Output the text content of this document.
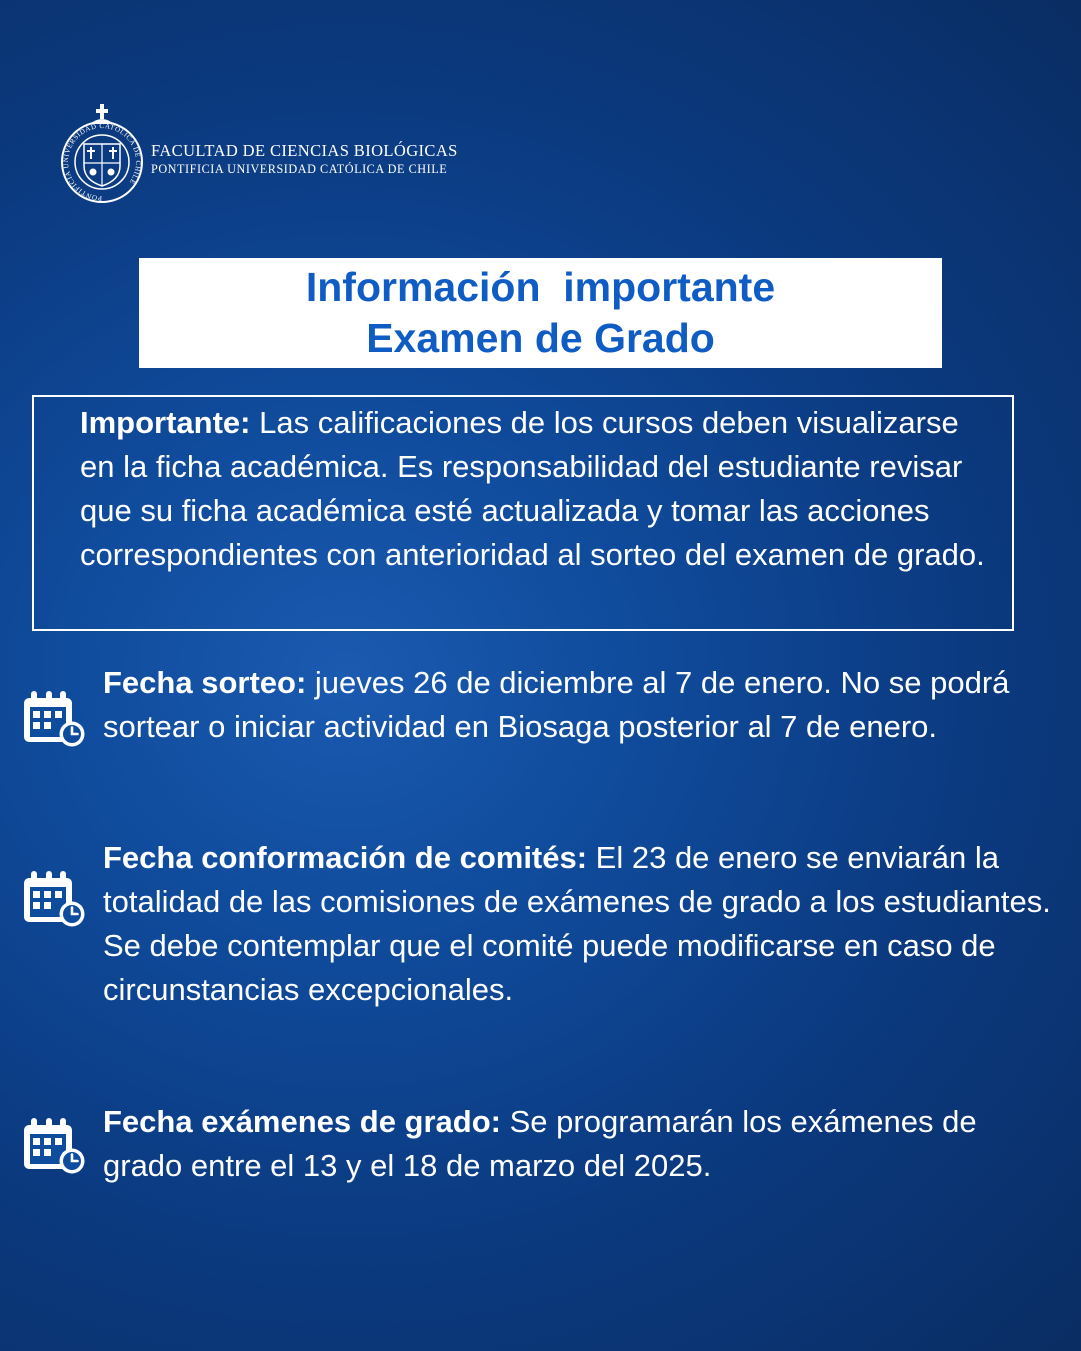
PONTIFICIA UNIVERSIDAD CATÓLICA DE CHILE
FACULTAD DE CIENCIAS BIOLÓGICAS
PONTIFICIA UNIVERSIDAD CATÓLICA DE CHILE
Información  importante
Examen de Grado

Importante: Las calificaciones de los cursos deben visualizarse en la ficha académica. Es responsabilidad del estudiante revisar que su ficha académica esté actualizada y tomar las acciones correspondientes con anterioridad al sorteo del examen de grado.

Fecha sorteo: jueves 26 de diciembre al 7 de enero. No se podrá sortear o iniciar actividad en Biosaga posterior al 7 de enero.

Fecha conformación de comités: El 23 de enero se enviarán la totalidad de las comisiones de exámenes de grado a los estudiantes. Se debe contemplar que el comité puede modificarse en caso de circunstancias excepcionales.

Fecha exámenes de grado: Se programarán los exámenes de grado entre el 13 y el 18 de marzo del 2025.
